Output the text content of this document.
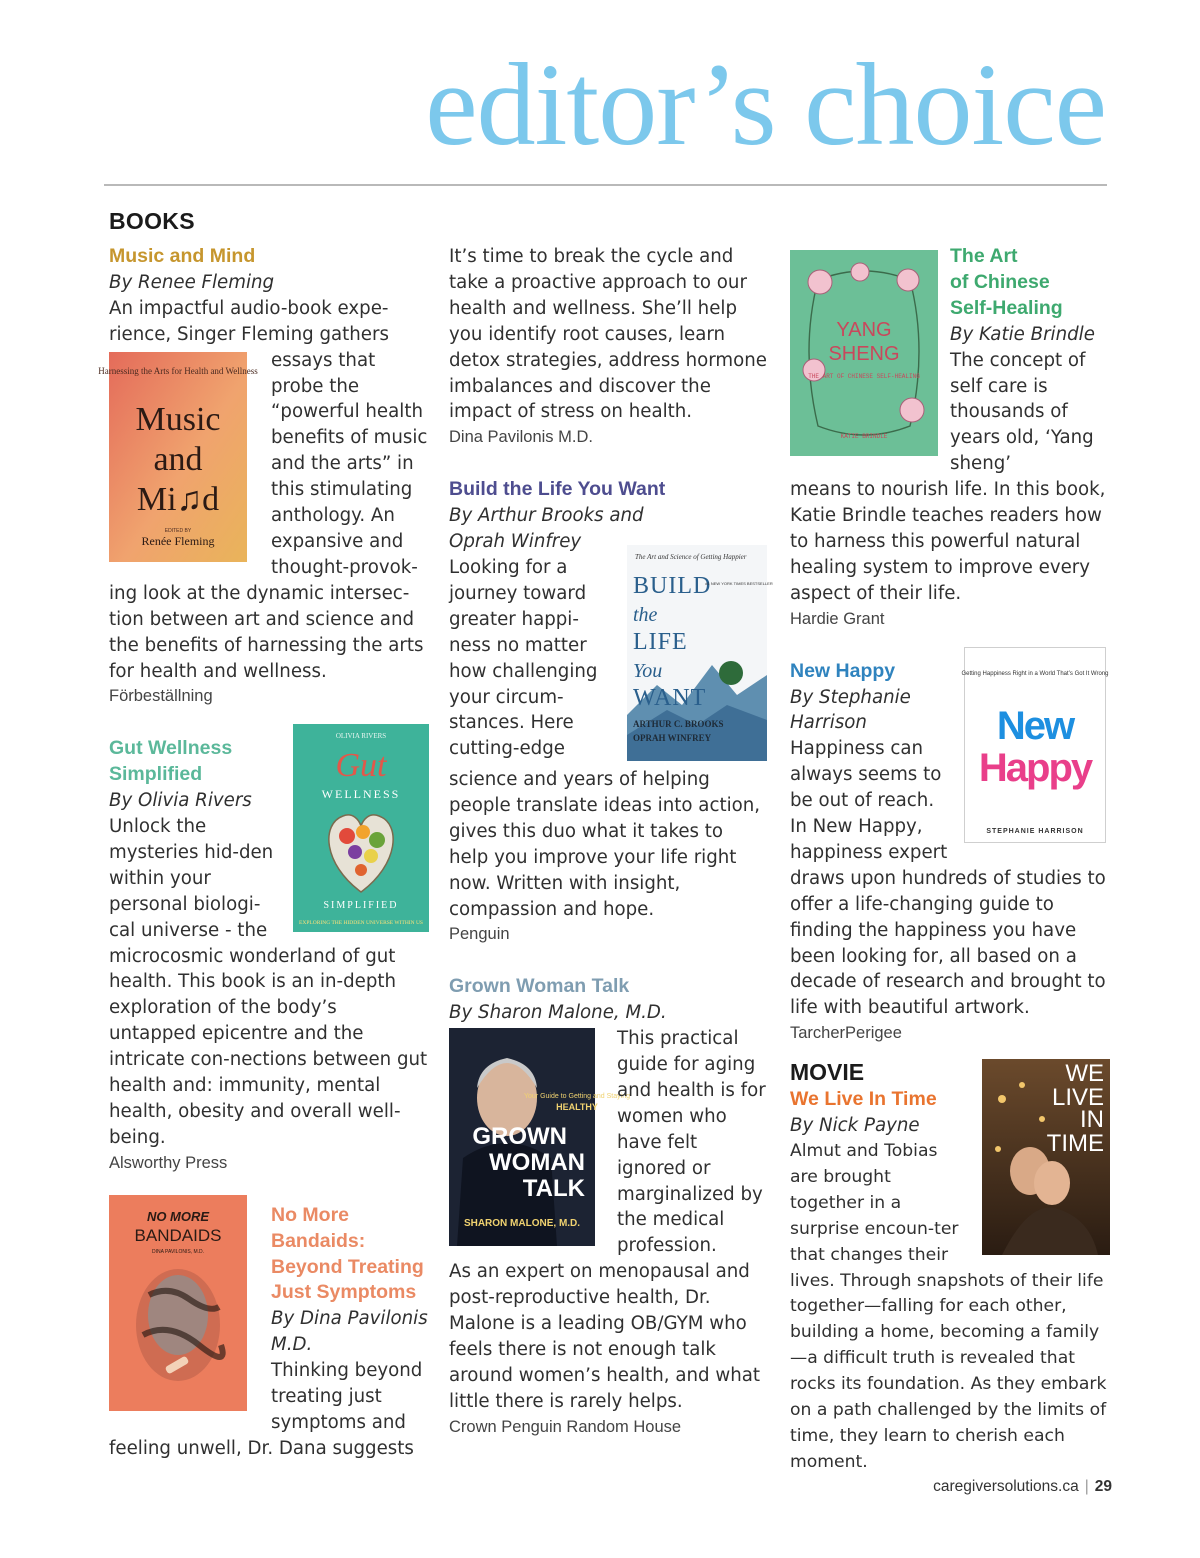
editor’s choice
BOOKS
Music and Mind
By Renee Fleming

An impactful audio-book expe-rience, Singer Fleming gathers

Harnessing the Arts for Health and Wellness
Music
and
Mi♫d
EDITED BY
Renée Fleming

essays that probe the “powerful health benefits of music and the arts” in this stimulating anthology. An expansive and thought-provok-

ing look at the dynamic intersec-tion between art and science and the benefits of harnessing the arts for health and wellness.

Förbeställning
OLIVIA RIVERS
Gut
WELLNESS
SIMPLIFIED
EXPLORING THE HIDDEN UNIVERSE WITHIN US
Gut Wellness
Simplified
By Olivia Rivers

Unlock the mysteries hid-den within your personal biologi-cal universe - the

microcosmic wonderland of gut health. This book is an in-depth exploration of the body’s untapped epicentre and the intricate con-nections between gut health and: immunity, mental health, obesity and overall well-being.

Alsworthy Press
NO MORE
BANDAIDS
DINA PAVILONIS, M.D.
No More
Bandaids:
Beyond Treating
Just Symptoms
By Dina Pavilonis M.D.

Thinking beyond treating just symptoms and

feeling unwell, Dr. Dana suggests

It’s time to break the cycle and take a proactive approach to our health and wellness. She’ll help you identify root causes, learn detox strategies, address hormone imbalances and discover the impact of stress on health.

Dina Pavilonis M.D.
Build the Life You Want
By Arthur Brooks and Oprah Winfrey
The Art and Science of Getting Happier
BUILD
the
LIFE
You
WANT
ARTHUR C. BROOKS
OPRAH WINFREY
#1 NEW YORK TIMES BESTSELLER

Looking for a journey toward greater happi-ness no matter how challenging your circum-stances. Here cutting-edge

science and years of helping people translate ideas into action, gives this duo what it takes to help you improve your life right now. Written with insight, compassion and hope.

Penguin
Grown Woman Talk
By Sharon Malone, M.D.
Your Guide to Getting and Staying
HEALTHY
GROWN
WOMAN
TALK
SHARON MALONE, M.D.

This practical guide for aging and health is for women who have felt ignored or marginalized by the medical profession.

As an expert on menopausal and post-reproductive health, Dr. Malone is a leading OB/GYM who feels there is not enough talk around women’s health, and what little there is rarely helps.

Crown Penguin Random House
YANG
SHENG
THE ART OF CHINESE SELF-HEALING
KATIE BRINDLE
The Art
of Chinese
Self-Healing
By Katie Brindle

The concept of self care is thousands of years old, ‘Yang sheng’

means to nourish life. In this book, Katie Brindle teaches readers how to harness this powerful natural healing system to improve every aspect of their life.

Hardie Grant
Getting Happiness Right in a World That’s Got It Wrong
New
Happy
STEPHANIE HARRISON
New Happy
By Stephanie Harrison

Happiness can always seems to be out of reach. In New Happy, happiness expert

draws upon hundreds of studies to offer a life-changing guide to finding the happiness you have been looking for, all based on a decade of research and brought to life with beautiful artwork.

TarcherPerigee
WE
LIVE
IN
TIME
MOVIE
We Live In Time
By Nick Payne

Almut and Tobias are brought together in a surprise encoun-ter that changes their

lives. Through snapshots of their life together—falling for each other, building a home, becoming a family—a difficult truth is revealed that rocks its foundation. As they embark on a path challenged by the limits of time, they learn to cherish each moment.

caregiversolutions.ca | 29
